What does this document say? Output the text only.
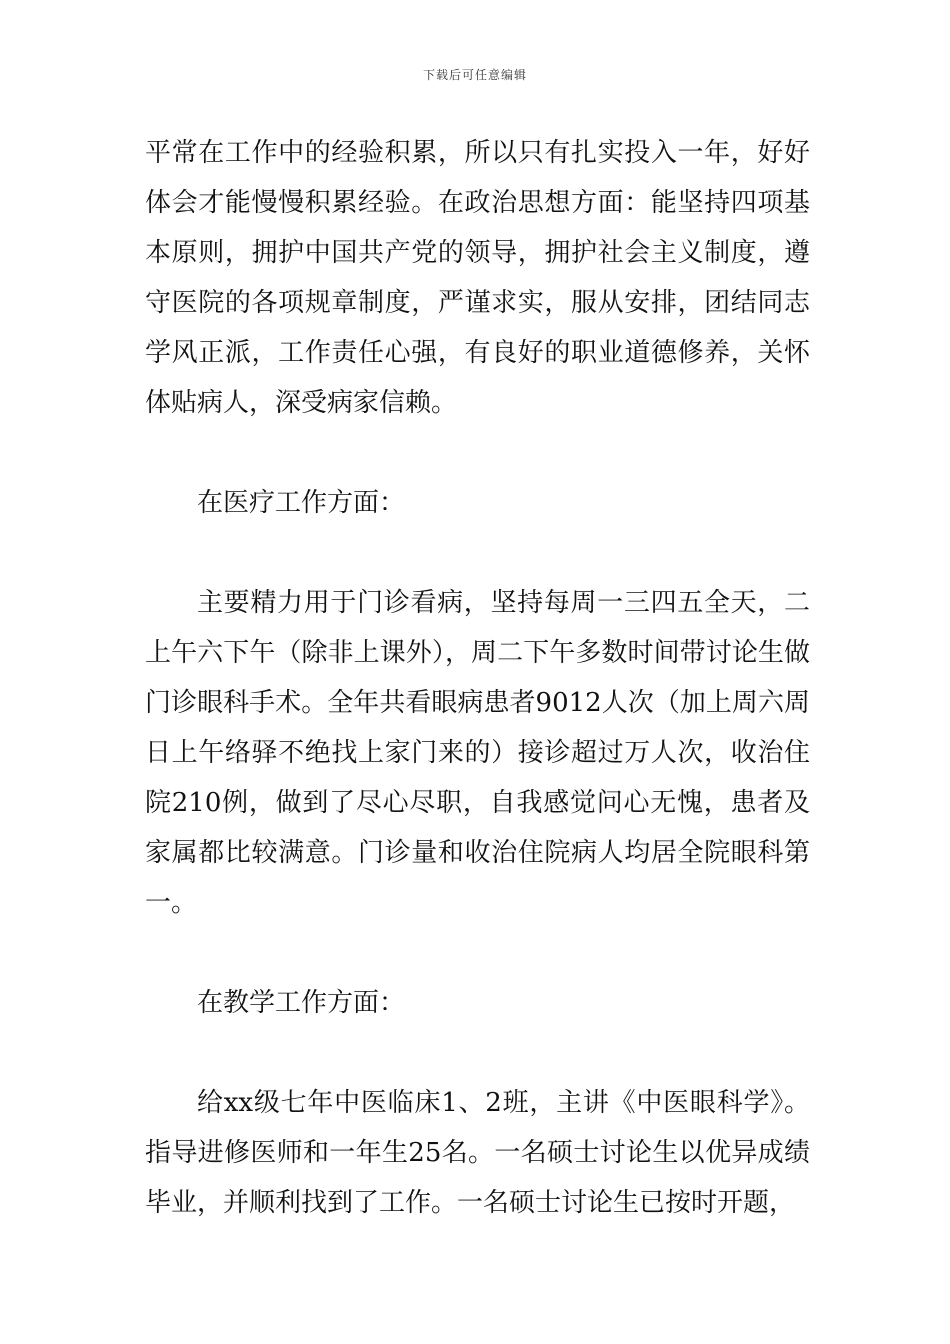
下载后可任意编辑

平常在工作中的经验积累，所以只有扎实投入一年，好好体会才能慢慢积累经验。在政治思想方面：能坚持四项基本原则，拥护中国共产党的领导，拥护社会主义制度，遵守医院的各项规章制度，严谨求实，服从安排，团结同志学风正派，工作责任心强，有良好的职业道德修养，关怀体贴病人，深受病家信赖。

在医疗工作方面：

主要精力用于门诊看病，坚持每周一三四五全天，二上午六下午（除非上课外），周二下午多数时间带讨论生做门诊眼科手术。全年共看眼病患者9012人次（加上周六周日上午络驿不绝找上家门来的）接诊超过万人次，收治住院210例，做到了尽心尽职，自我感觉问心无愧，患者及家属都比较满意。门诊量和收治住院病人均居全院眼科第一。

在教学工作方面：

给xx级七年中医临床1、2班，主讲《中医眼科学》。指导进修医师和一年生25名。一名硕士讨论生以优异成绩毕业，并顺利找到了工作。一名硕士讨论生已按时开题，
